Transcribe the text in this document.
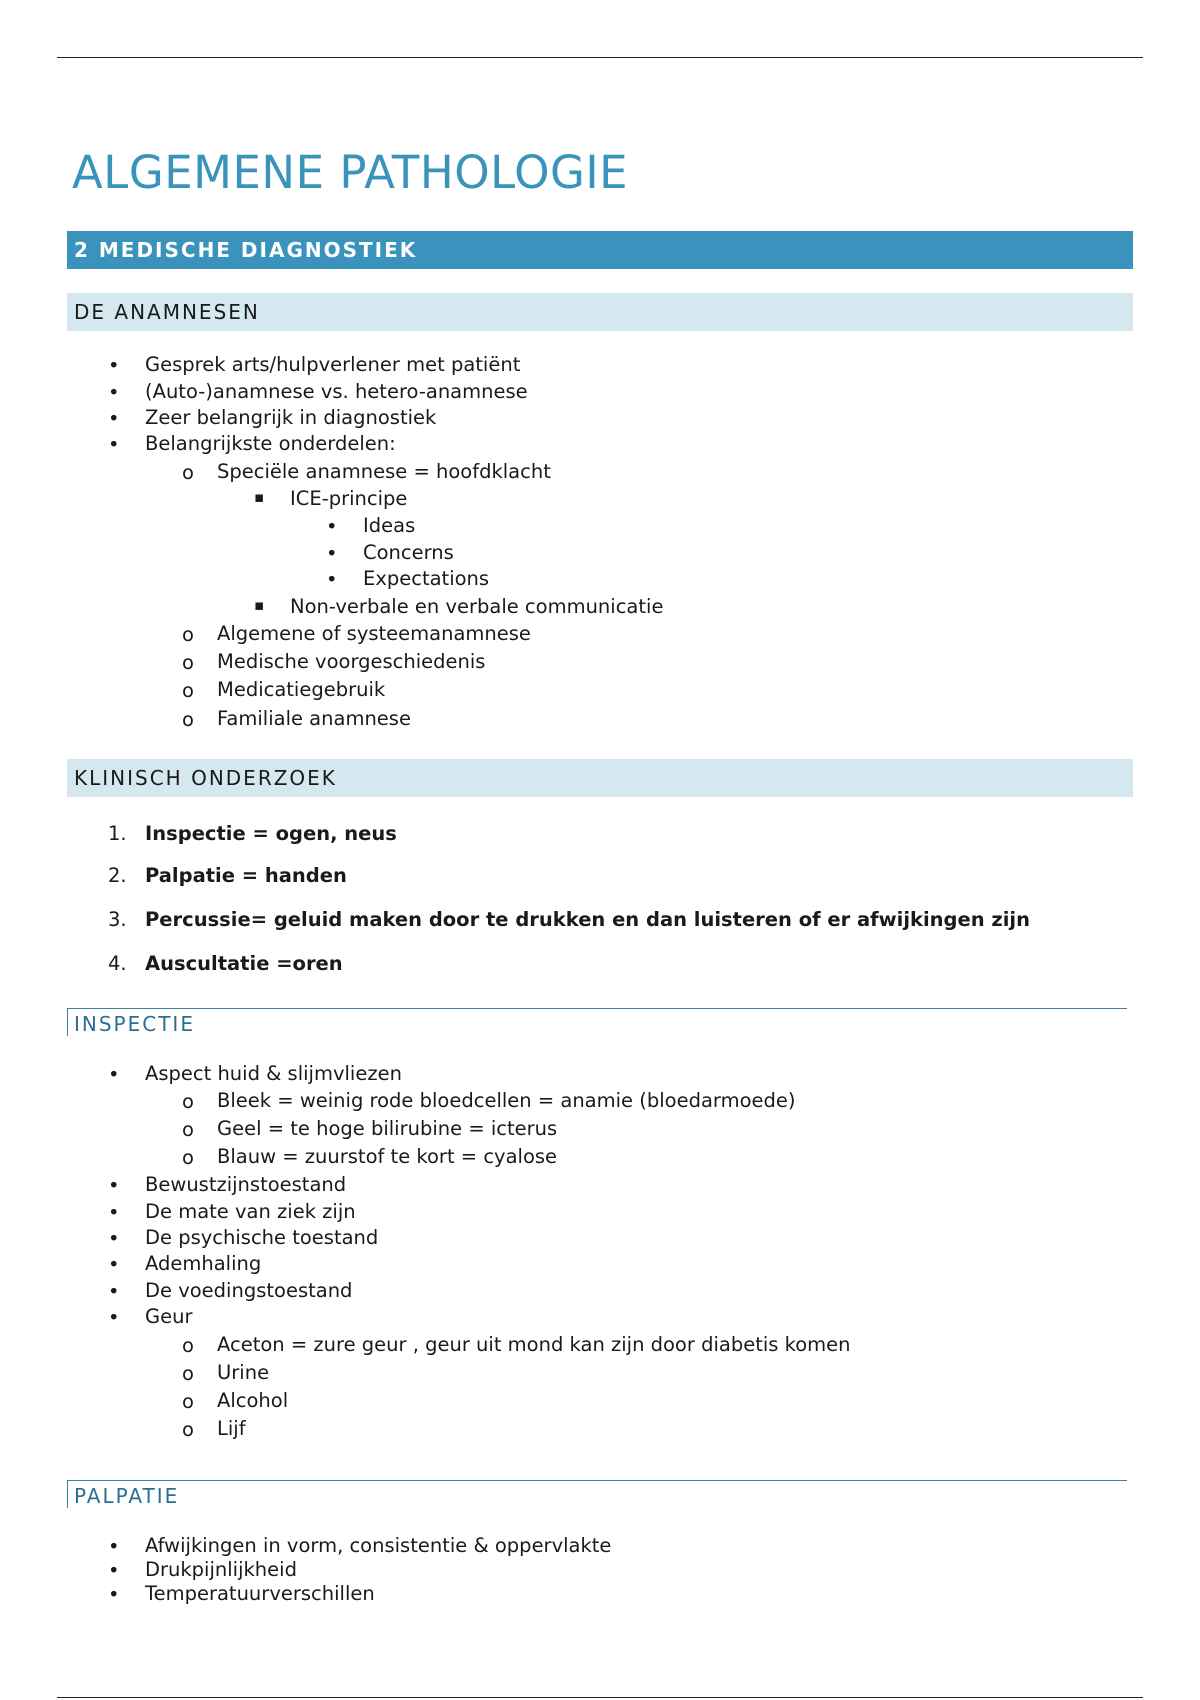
ALGEMENE PATHOLOGIE
2 MEDISCHE DIAGNOSTIEK
DE ANAMNESEN
• Gesprek arts/hulpverlener met patiënt
• (Auto-)anamnese vs. hetero-anamnese
• Zeer belangrijk in diagnostiek
• Belangrijkste onderdelen:
o Speciële anamnese = hoofdklacht
▪ ICE-principe
• Ideas
• Concerns
• Expectations
▪ Non-verbale en verbale communicatie
o Algemene of systeemanamnese
o Medische voorgeschiedenis
o Medicatiegebruik
o Familiale anamnese
KLINISCH ONDERZOEK
1. Inspectie = ogen, neus
2. Palpatie = handen
3. Percussie= geluid maken door te drukken en dan luisteren of er afwijkingen zijn
4. Auscultatie =oren
INSPECTIE
• Aspect huid & slijmvliezen
o Bleek = weinig rode bloedcellen = anamie (bloedarmoede)
o Geel = te hoge bilirubine = icterus
o Blauw = zuurstof te kort = cyalose
• Bewustzijnstoestand
• De mate van ziek zijn
• De psychische toestand
• Ademhaling
• De voedingstoestand
• Geur
o Aceton = zure geur , geur uit mond kan zijn door diabetis komen
o Urine
o Alcohol
o Lijf
PALPATIE
• Afwijkingen in vorm, consistentie & oppervlakte
• Drukpijnlijkheid
• Temperatuurverschillen
